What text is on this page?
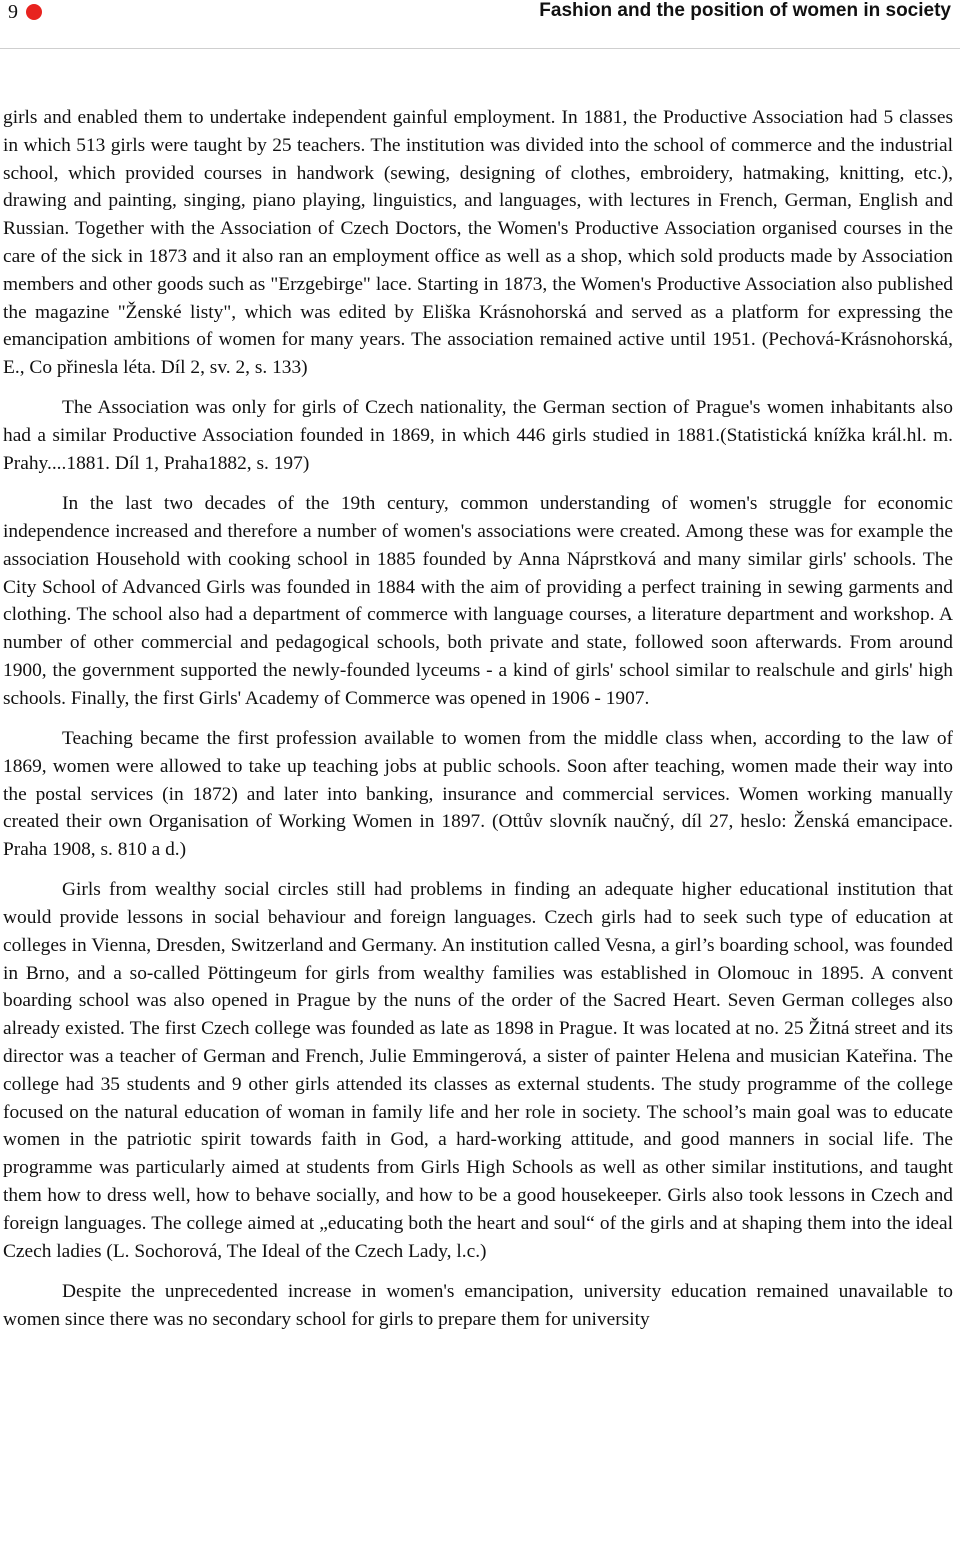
9	Fashion and the position of women in society

girls and enabled them to undertake independent gainful employment. In 1881, the Productive Association had 5 classes in which 513 girls were taught by 25 teachers. The institution was divided into the school of commerce and the industrial school, which provided courses in handwork (sewing, designing of clothes, embroidery, hatmaking, knitting, etc.), drawing and painting, singing, piano playing, linguistics, and languages, with lectures in French, German, English and Russian. Together with the Association of Czech Doctors, the Women's Productive Association organised courses in the care of the sick in 1873 and it also ran an employment office as well as a shop, which sold products made by Association members and other goods such as "Erzgebirge" lace. Starting in 1873, the Women's Productive Association also published the magazine "Ženské listy", which was edited by Eliška Krásnohorská and served as a platform for expressing the emancipation ambitions of women for many years. The association remained active until 1951. (Pechová-Krásnohorská, E., Co přinesla léta. Díl 2, sv. 2, s. 133)

The Association was only for girls of Czech nationality, the German section of Prague's women inhabitants also had a similar Productive Association founded in 1869, in which 446 girls studied in 1881.(Statistická knížka král.hl. m. Prahy....1881. Díl 1, Praha1882, s. 197)

In the last two decades of the 19th century, common understanding of women's struggle for economic independence increased and therefore a number of women's associations were created. Among these was for example the association Household with cooking school in 1885 founded by Anna Náprstková and many similar girls' schools. The City School of Advanced Girls was founded in 1884 with the aim of providing a perfect training in sewing garments and clothing. The school also had a department of commerce with language courses, a literature department and workshop. A number of other commercial and pedagogical schools, both private and state, followed soon afterwards. From around 1900, the government supported the newly-founded lyceums - a kind of girls' school similar to realschule and girls' high schools. Finally, the first Girls' Academy of Commerce was opened in 1906 - 1907.

Teaching became the first profession available to women from the middle class when, according to the law of 1869, women were allowed to take up teaching jobs at public schools. Soon after teaching, women made their way into the postal services (in 1872) and later into banking, insurance and commercial services. Women working manually created their own Organisation of Working Women in 1897. (Ottův slovník naučný, díl 27, heslo: Ženská emancipace. Praha 1908, s. 810 a d.)

Girls from wealthy social circles still had problems in finding an adequate higher educational institution that would provide lessons in social behaviour and foreign languages. Czech girls had to seek such type of education at colleges in Vienna, Dresden, Switzerland and Germany. An institution called Vesna, a girl’s boarding school, was founded in Brno, and a so-called Pöttingeum for girls from wealthy families was established in Olomouc in 1895. A convent boarding school was also opened in Prague by the nuns of the order of the Sacred Heart. Seven German colleges also already existed. The first Czech college was founded as late as 1898 in Prague. It was located at no. 25 Žitná street and its director was a teacher of German and French, Julie Emmingerová, a sister of painter Helena and musician Kateřina. The college had 35 students and 9 other girls attended its classes as external students. The study programme of the college focused on the natural education of woman in family life and her role in society. The school’s main goal was to educate women in the patriotic spirit towards faith in God, a hard-working attitude, and good manners in social life. The programme was particularly aimed at students from Girls High Schools as well as other similar institutions, and taught them how to dress well, how to behave socially, and how to be a good housekeeper. Girls also took lessons in Czech and foreign languages. The college aimed at „educating both the heart and soul“ of the girls and at shaping them into the ideal Czech ladies (L. Sochorová, The Ideal of the Czech Lady, l.c.)

Despite the unprecedented increase in women's emancipation, university education remained unavailable to women since there was no secondary school for girls to prepare them for university
